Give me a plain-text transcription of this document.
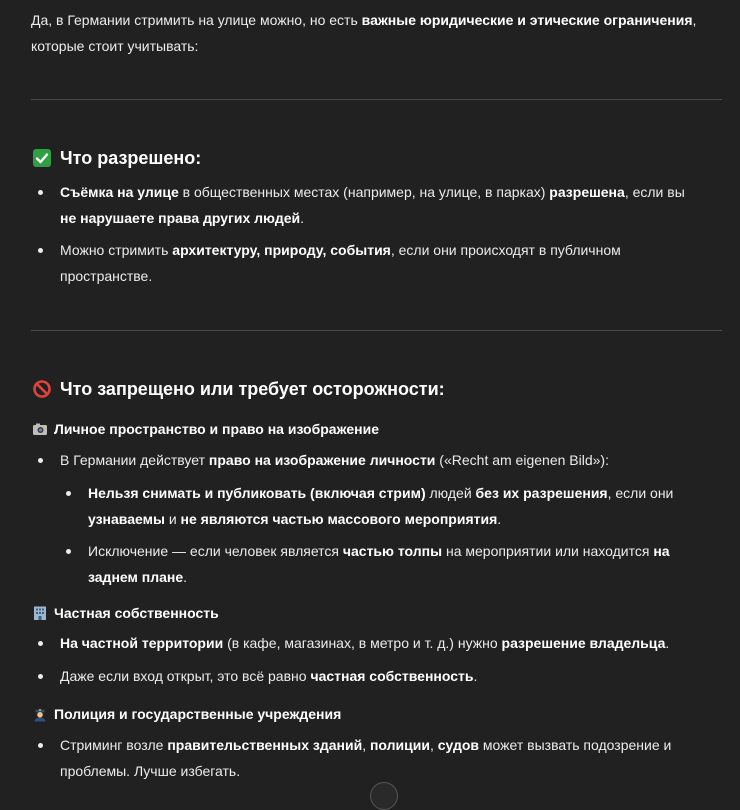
Да, в Германии стримить на улице можно, но есть важные юридические и этические ограничения, которые стоит учитывать:

Что разрешено:
Съёмка на улице в общественных местах (например, на улице, в парках) разрешена, если вы не нарушаете права других людей.
Можно стримить архитектуру, природу, события, если они происходят в публичном пространстве.
Что запрещено или требует осторожности:
Личное пространство и право на изображение
В Германии действует право на изображение личности («Recht am eigenen Bild»):
Нельзя снимать и публиковать (включая стрим) людей без их разрешения, если они узнаваемы и не являются частью массового мероприятия.
Исключение — если человек является частью толпы на мероприятии или находится на заднем плане.
Частная собственность
На частной территории (в кафе, магазинах, в метро и т. д.) нужно разрешение владельца.
Даже если вход открыт, это всё равно частная собственность.
Полиция и государственные учреждения
Стриминг возле правительственных зданий, полиции, судов может вызвать подозрение и проблемы. Лучше избегать.
